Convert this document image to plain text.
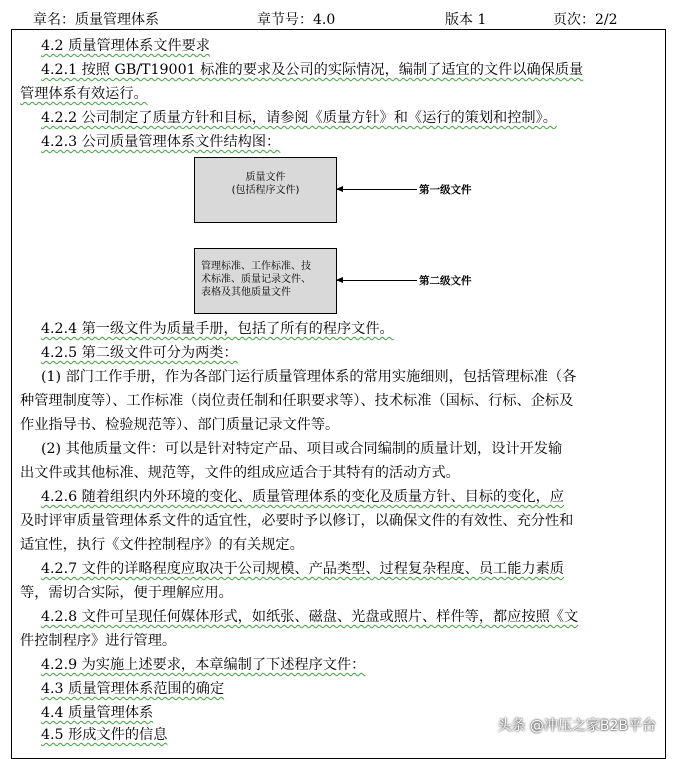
章名：质量管理体系	章节号：4.0	版本 1	页次：2/2
4.2 质量管理体系文件要求
4.2.1 按照 GB/T19001 标准的要求及公司的实际情况，编制了适宜的文件以确保质量
管理体系有效运行。
4.2.2 公司制定了质量方针和目标，请参阅《质量方针》和《运行的策划和控制》。
4.2.3 公司质量管理体系文件结构图：
质量文件
(包括程序文件)	第一级文件
管理标准、工作标准、技
术标准、质量记录文件、
表格及其他质量文件
第二级文件
4.2.4 第一级文件为质量手册，包括了所有的程序文件。
4.2.5 第二级文件可分为两类：
(1) 部门工作手册，作为各部门运行质量管理体系的常用实施细则，包括管理标准（各
种管理制度等）、工作标准（岗位责任制和任职要求等）、技术标准（国标、行标、企标及
作业指导书、检验规范等）、部门质量记录文件等。
(2) 其他质量文件：可以是针对特定产品、项目或合同编制的质量计划，设计开发输
出文件或其他标准、规范等，文件的组成应适合于其特有的活动方式。
4.2.6 随着组织内外环境的变化、质量管理体系的变化及质量方针、目标的变化，应
及时评审质量管理体系文件的适宜性，必要时予以修订，以确保文件的有效性、充分性和
适宜性，执行《文件控制程序》的有关规定。
4.2.7 文件的详略程度应取决于公司规模、产品类型、过程复杂程度、员工能力素质
等，需切合实际，便于理解应用。
4.2.8 文件可呈现任何媒体形式，如纸张、磁盘、光盘或照片、样件等，都应按照《文
件控制程序》进行管理。
4.2.9 为实施上述要求，本章编制了下述程序文件：
4.3 质量管理体系范围的确定
4.4 质量管理体系
4.5 形成文件的信息
头条 @冲压之家B2B平台
